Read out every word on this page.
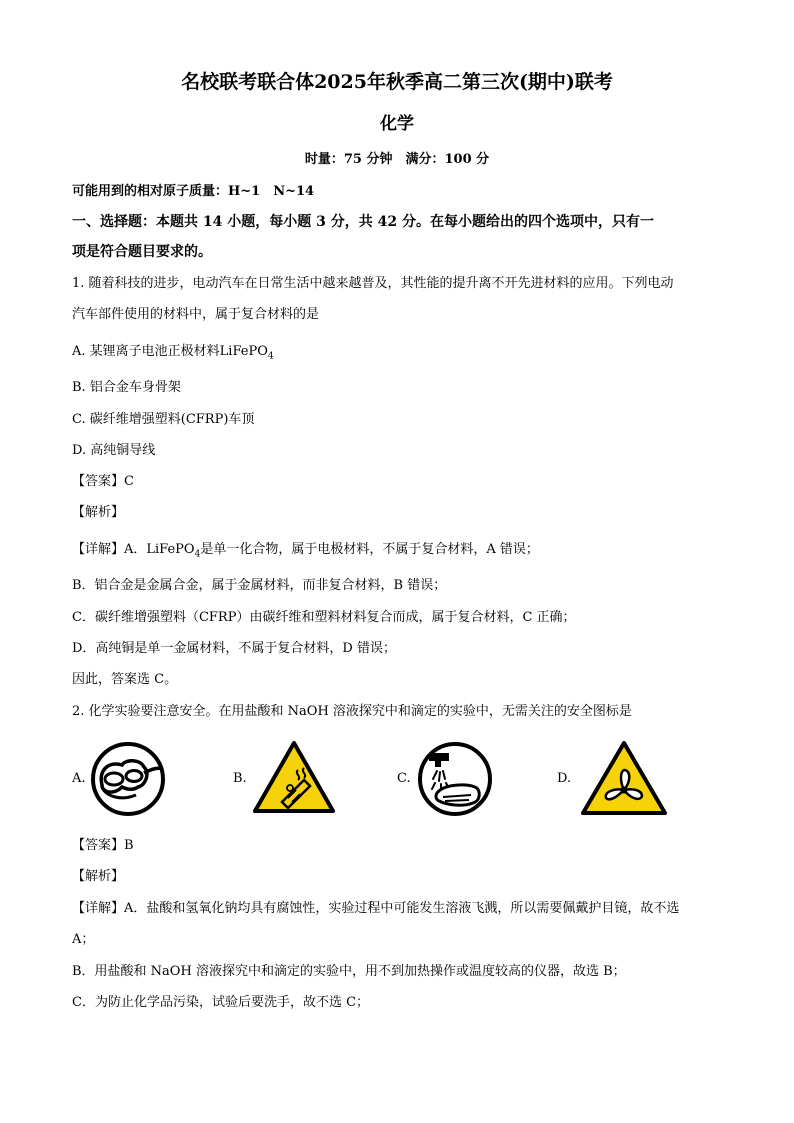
名校联考联合体2025年秋季高二第三次(期中)联考
化学
时量：75 分钟　满分：100 分
可能用到的相对原子质量：H~1　N~14
一、选择题：本题共 14 小题，每小题 3 分，共 42 分。在每小题给出的四个选项中，只有一
项是符合题目要求的。
1. 随着科技的进步，电动汽车在日常生活中越来越普及，其性能的提升离不开先进材料的应用。下列电动
汽车部件使用的材料中，属于复合材料的是
A. 某锂离子电池正极材料LiFePO$_4$
B. 铝合金车身骨架
C. 碳纤维增强塑料(CFRP)车顶
D. 高纯铜导线
【答案】C
【解析】
【详解】A．LiFePO$_4$是单一化合物，属于电极材料，不属于复合材料，A 错误；
B．铝合金是金属合金，属于金属材料，而非复合材料，B 错误；
C．碳纤维增强塑料（CFRP）由碳纤维和塑料材料复合而成，属于复合材料，C 正确；
D．高纯铜是单一金属材料，不属于复合材料，D 错误；
因此，答案选 C。
2. 化学实验要注意安全。在用盐酸和 NaOH 溶液探究中和滴定的实验中，无需关注的安全图标是
A.	B.	C.	D.
【答案】B
【解析】
【详解】A．盐酸和氢氧化钠均具有腐蚀性，实验过程中可能发生溶液飞溅，所以需要佩戴护目镜，故不选
A；
B．用盐酸和 NaOH 溶液探究中和滴定的实验中，用不到加热操作或温度较高的仪器，故选 B；
C．为防止化学品污染，试验后要洗手，故不选 C；
